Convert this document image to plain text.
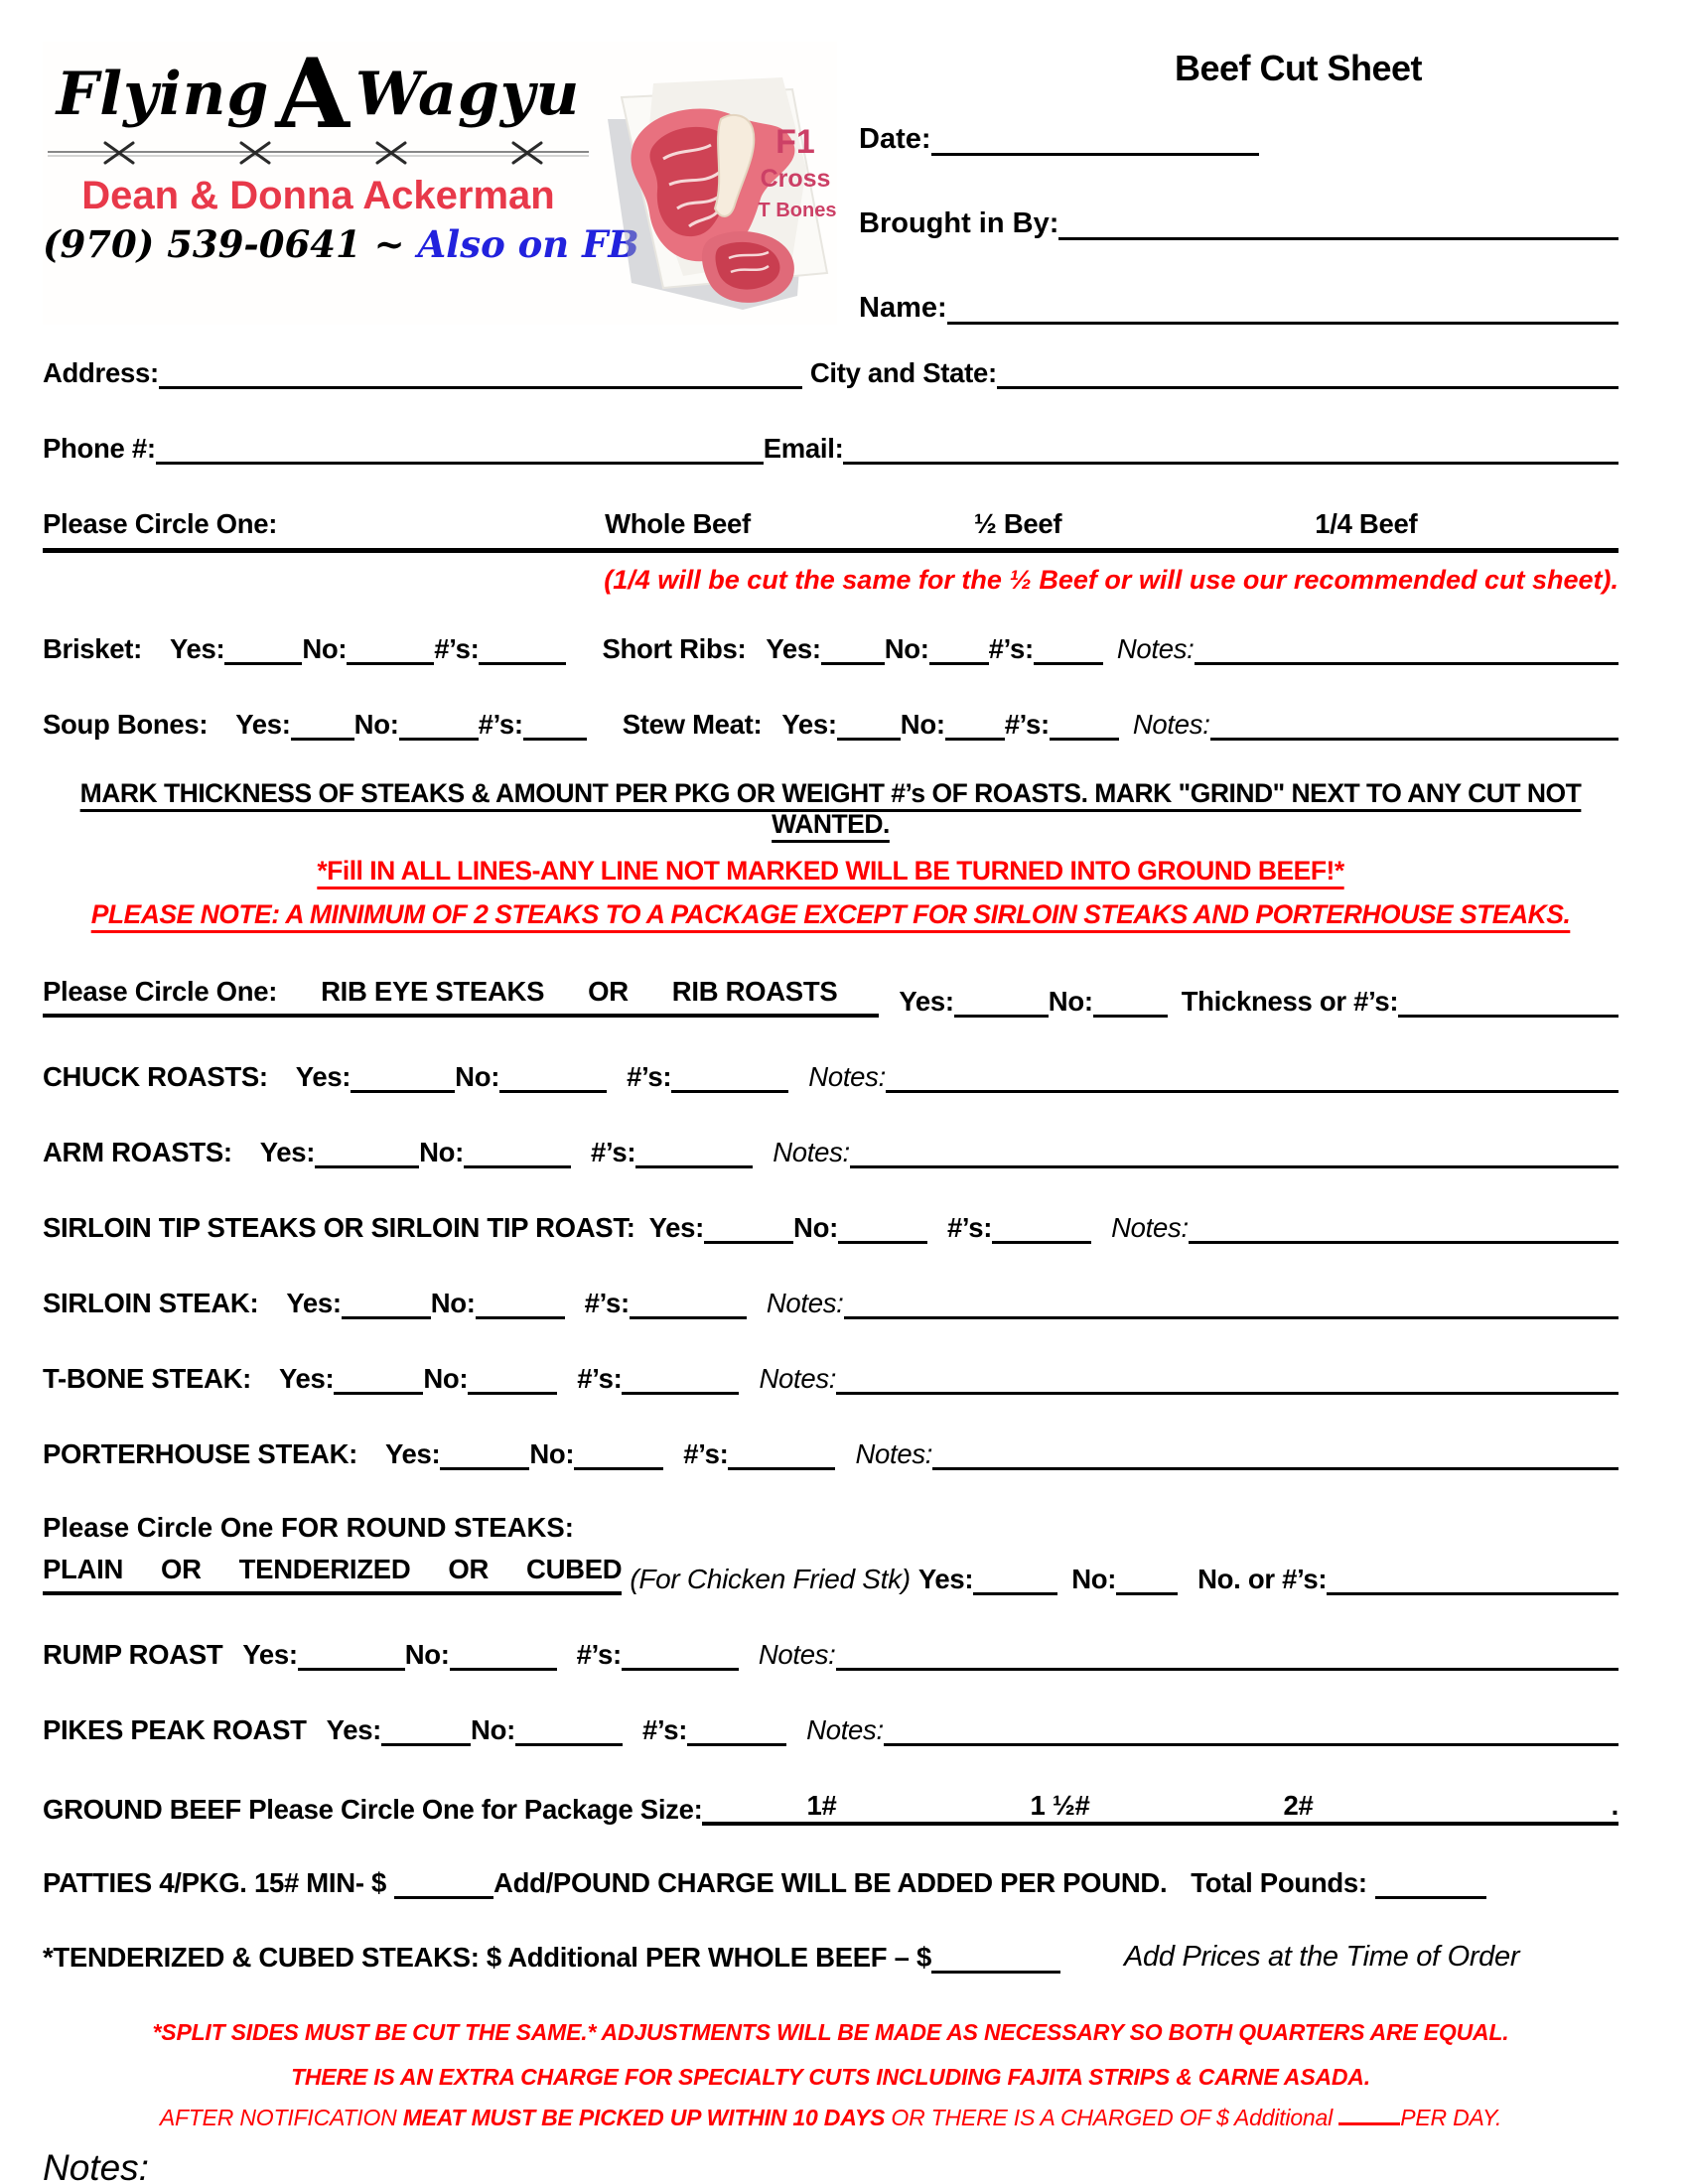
Flying A Wagyu
Dean & Donna Ackerman
(970) 539-0641 ~ Also on FB
F1
Cross
T Bones
Beef Cut Sheet
Date:
Brought in By:
Name:
Address:	City and State:
Phone #:	Email:
Please Circle One:	Whole Beef	½ Beef	1/4 Beef
(1/4 will be cut the same for the ½ Beef or will use our recommended cut sheet).
Brisket: Yes:	No:	#’s:	Short Ribs: Yes: No: #’s:	Notes:
Soup Bones: Yes: No:	#’s:	Stew Meat: Yes: No: #’s:	Notes:
MARK THICKNESS OF STEAKS & AMOUNT PER PKG OR WEIGHT #’s OF ROASTS. MARK "GRIND" NEXT TO ANY CUT NOT WANTED.
*Fill IN ALL LINES-ANY LINE NOT MARKED WILL BE TURNED INTO GROUND BEEF!*
PLEASE NOTE: A MINIMUM OF 2 STEAKS TO A PACKAGE EXCEPT FOR SIRLOIN STEAKS AND PORTERHOUSE STEAKS.
Please Circle One: RIB EYE STEAKS OR RIB ROASTS Yes:	No:	Thickness or #’s:
CHUCK ROASTS: Yes:	No:	#’s:	Notes:
ARM ROASTS: Yes:	No:	#’s:	Notes:
SIRLOIN TIP STEAKS OR SIRLOIN TIP ROAST: Yes:	No:	#’s:	Notes:
SIRLOIN STEAK: Yes:	No:	#’s:	Notes:
T-BONE STEAK: Yes:	No:	#’s:	Notes:
PORTERHOUSE STEAK: Yes:	No:	#’s:	Notes:
Please Circle One FOR ROUND STEAKS:
PLAIN OR TENDERIZED OR CUBED (For Chicken Fried Stk) Yes:	No:	No. or #’s:
RUMP ROAST Yes:	No:	#’s:	Notes:
PIKES PEAK ROAST Yes:	No:	#’s:	Notes:
GROUND BEEF Please Circle One for Package Size:	1#	1 ½#	2#	.
PATTIES 4/PKG. 15# MIN- $	Add/POUND CHARGE WILL BE ADDED PER POUND. Total Pounds:
*TENDERIZED & CUBED STEAKS: $ Additional PER WHOLE BEEF – $	Add Prices at the Time of Order
*SPLIT SIDES MUST BE CUT THE SAME.* ADJUSTMENTS WILL BE MADE AS NECESSARY SO BOTH QUARTERS ARE EQUAL.
THERE IS AN EXTRA CHARGE FOR SPECIALTY CUTS INCLUDING FAJITA STRIPS & CARNE ASADA.
AFTER NOTIFICATION MEAT MUST BE PICKED UP WITHIN 10 DAYS OR THERE IS A CHARGED OF $ Additional	PER DAY.
Notes:
